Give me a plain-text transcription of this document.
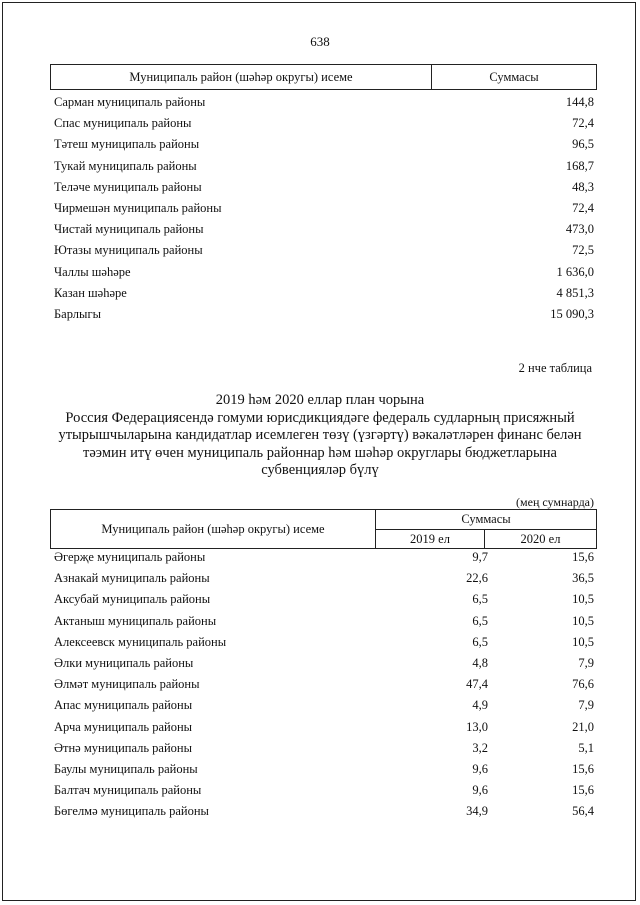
638
Муниципаль район (шәһәр округы) исеме	Суммасы
Сарман муниципаль районы	144,8
Спас муниципаль районы	72,4
Тәтеш муниципаль районы	96,5
Тукай муниципаль районы	168,7
Теләче муниципаль районы	48,3
Чирмешән муниципаль районы	72,4
Чистай муниципаль районы	473,0
Ютазы муниципаль районы	72,5
Чаллы шәһәре	1 636,0
Казан шәһәре	4 851,3
Барлыгы	15 090,3
2 нче таблица
2019 һәм 2020 еллар план чорына
Россия Федерациясендә гомуми юрисдикциядәге федераль судларның присяжный
утырышчыларына кандидатлар исемлеген төзү (үзгәртү) вәкаләтләрен финанс белән
тәэмин итү өчен муниципаль районнар һәм шәһәр округлары бюджетларына
субвенцияләр бүлү
(мең сумнарда)
Муниципаль район (шәһәр округы) исеме
Суммасы
2019 ел	2020 ел
Әгерҗе муниципаль районы	9,7	15,6
Азнакай муниципаль районы	22,6	36,5
Аксубай муниципаль районы	6,5	10,5
Актаныш муниципаль районы	6,5	10,5
Алексеевск муниципаль районы	6,5	10,5
Әлки муниципаль районы	4,8	7,9
Әлмәт муниципаль районы	47,4	76,6
Апас муниципаль районы	4,9	7,9
Арча муниципаль районы	13,0	21,0
Әтнә муниципаль районы	3,2	5,1
Баулы муниципаль районы	9,6	15,6
Балтач муниципаль районы	9,6	15,6
Бөгелмә муниципаль районы	34,9	56,4
